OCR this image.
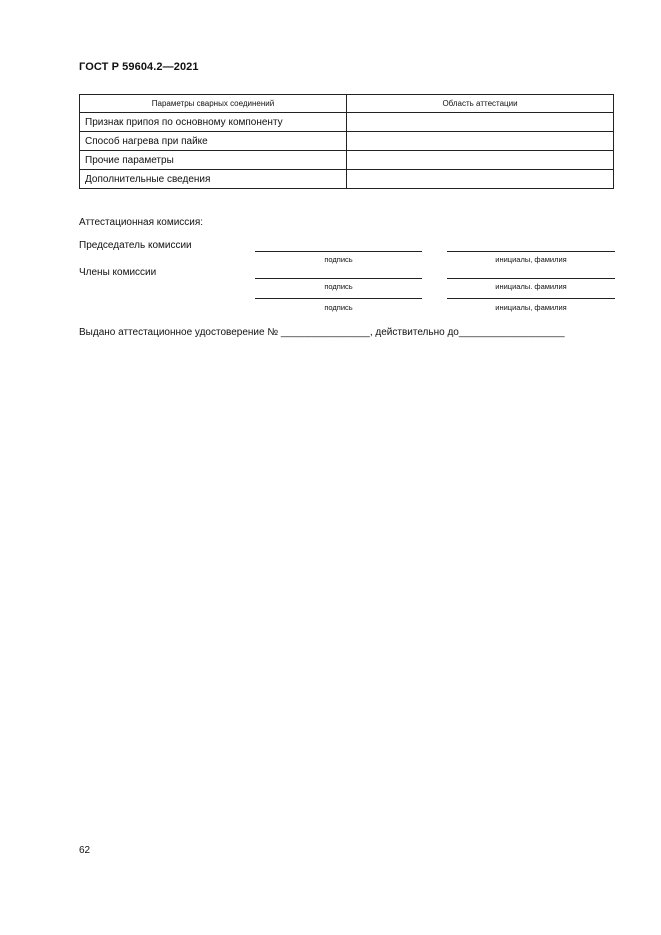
ГОСТ Р 59604.2—2021
Параметры сварных соединений	Область аттестации
Признак припоя по основному компоненту	
Способ нагрева при пайке	
Прочие параметры	
Дополнительные сведения	
Аттестационная комиссия:
Председатель комиссии
подпись	инициалы, фамилия
Члены комиссии
подпись	инициалы. фамилия
подпись	инициалы, фамилия
Выдано аттестационное удостоверение № ________________, действительно до___________________
62
